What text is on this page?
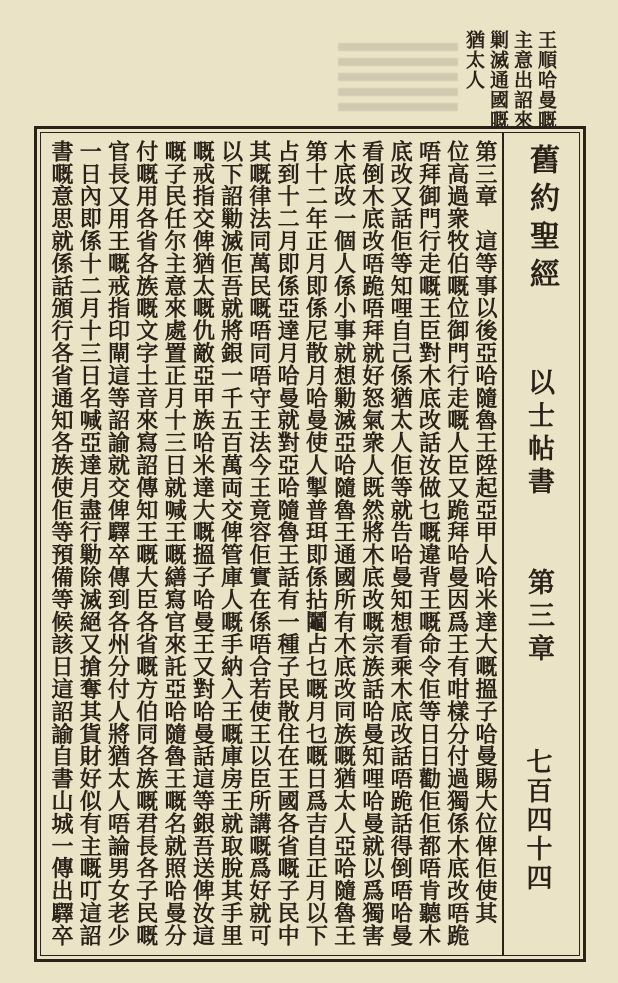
王順哈曼嘅
主意出詔來
剿滅通國嘅
猶太人
舊約聖經
以士帖書
第三章
七百四十四
第三章　這等事以後亞哈隨魯王陞起亞甲人哈米達大嘅搵子哈曼賜大位俾佢使其
位高過衆牧伯嘅位御門行走嘅人臣又跪拜哈曼因爲王有咁樣分付過獨係木底改唔跪
唔拜御門行走嘅王臣對木底改話汝做乜嘅違背王嘅命令佢等日日勸佢佢都唔肯聽木
底改又話佢等知哩自己係猶太人佢等就告哈曼知想看乘木底改話唔跪話得倒唔哈曼
看倒木底改唔跪唔拜就好怒氣衆人既然將木底改嘅宗族話哈曼知哩哈曼就以爲獨害
木底改一個人係小事就想勦滅亞哈隨魯王通國所有木底改同族嘅猶太人亞哈隨魯王
第十二年正月即係尼散月哈曼使人掣普珥即係拈鬮占乜嘅月乜嘅日爲吉自正月以下
占到十二月即係亞達月哈曼就對亞哈隨魯王話有一種子民散住在王國各省嘅子民中
其嘅律法同萬民嘅唔同唔守王法今王竟容佢實在係唔合若使王以臣所講嘅爲好就可
以下詔勦滅佢吾就將銀一千五百萬両交俾管庫人嘅手納入王嘅庫房王就取脫其手里
嘅戒指交俾猶太嘅仇敵亞甲族哈米達大嘅搵子哈曼王又對哈曼話這等銀吾送俾汝這
嘅子民任尔主意來處置正月十三日就喊王嘅繕寫官來託亞哈隨魯王嘅名就照哈曼分
付嘅用各省各族嘅文字土音來寫詔傳知王嘅大臣各省嘅方伯同各族嘅君長各子民嘅
官長又用王嘅戒指印閘這等詔諭就交俾驛卒傳到各州分付人將猶太人唔論男女老少
一日內即係十二月十三日名喊亞達月盡行勦除滅絕又搶奪其貨財好似有主嘅叮這詔
書嘅意思就係話頒行各省通知各族使佢等預備等候該日這詔諭自書山城一傳出驛卒
